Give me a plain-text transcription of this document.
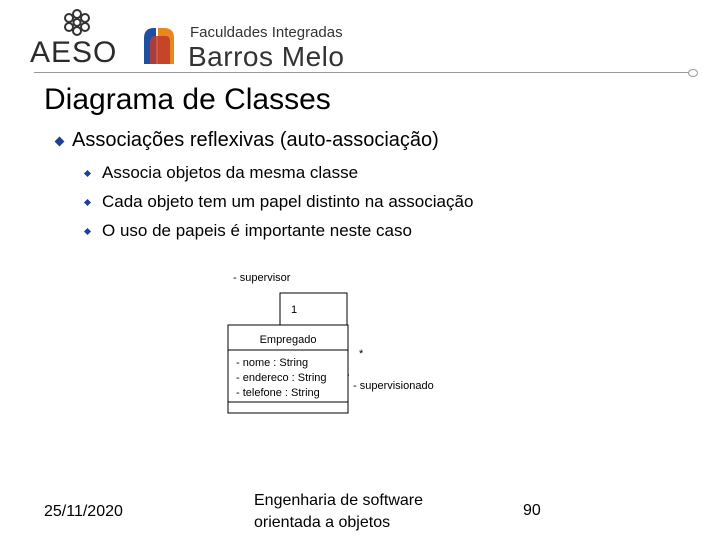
AESO
Faculdades Integradas
Barros Melo
Diagrama de Classes
Associações reflexivas (auto-associação)
Associa objetos da mesma classe
Cada objeto tem um papel distinto na associação
O uso de papeis é importante neste caso
Empregado
- nome : String
- endereco : String
- telefone : String
- supervisor
1
*
- supervisionado
25/11/2020
Engenharia de software
orientada a objetos
90
